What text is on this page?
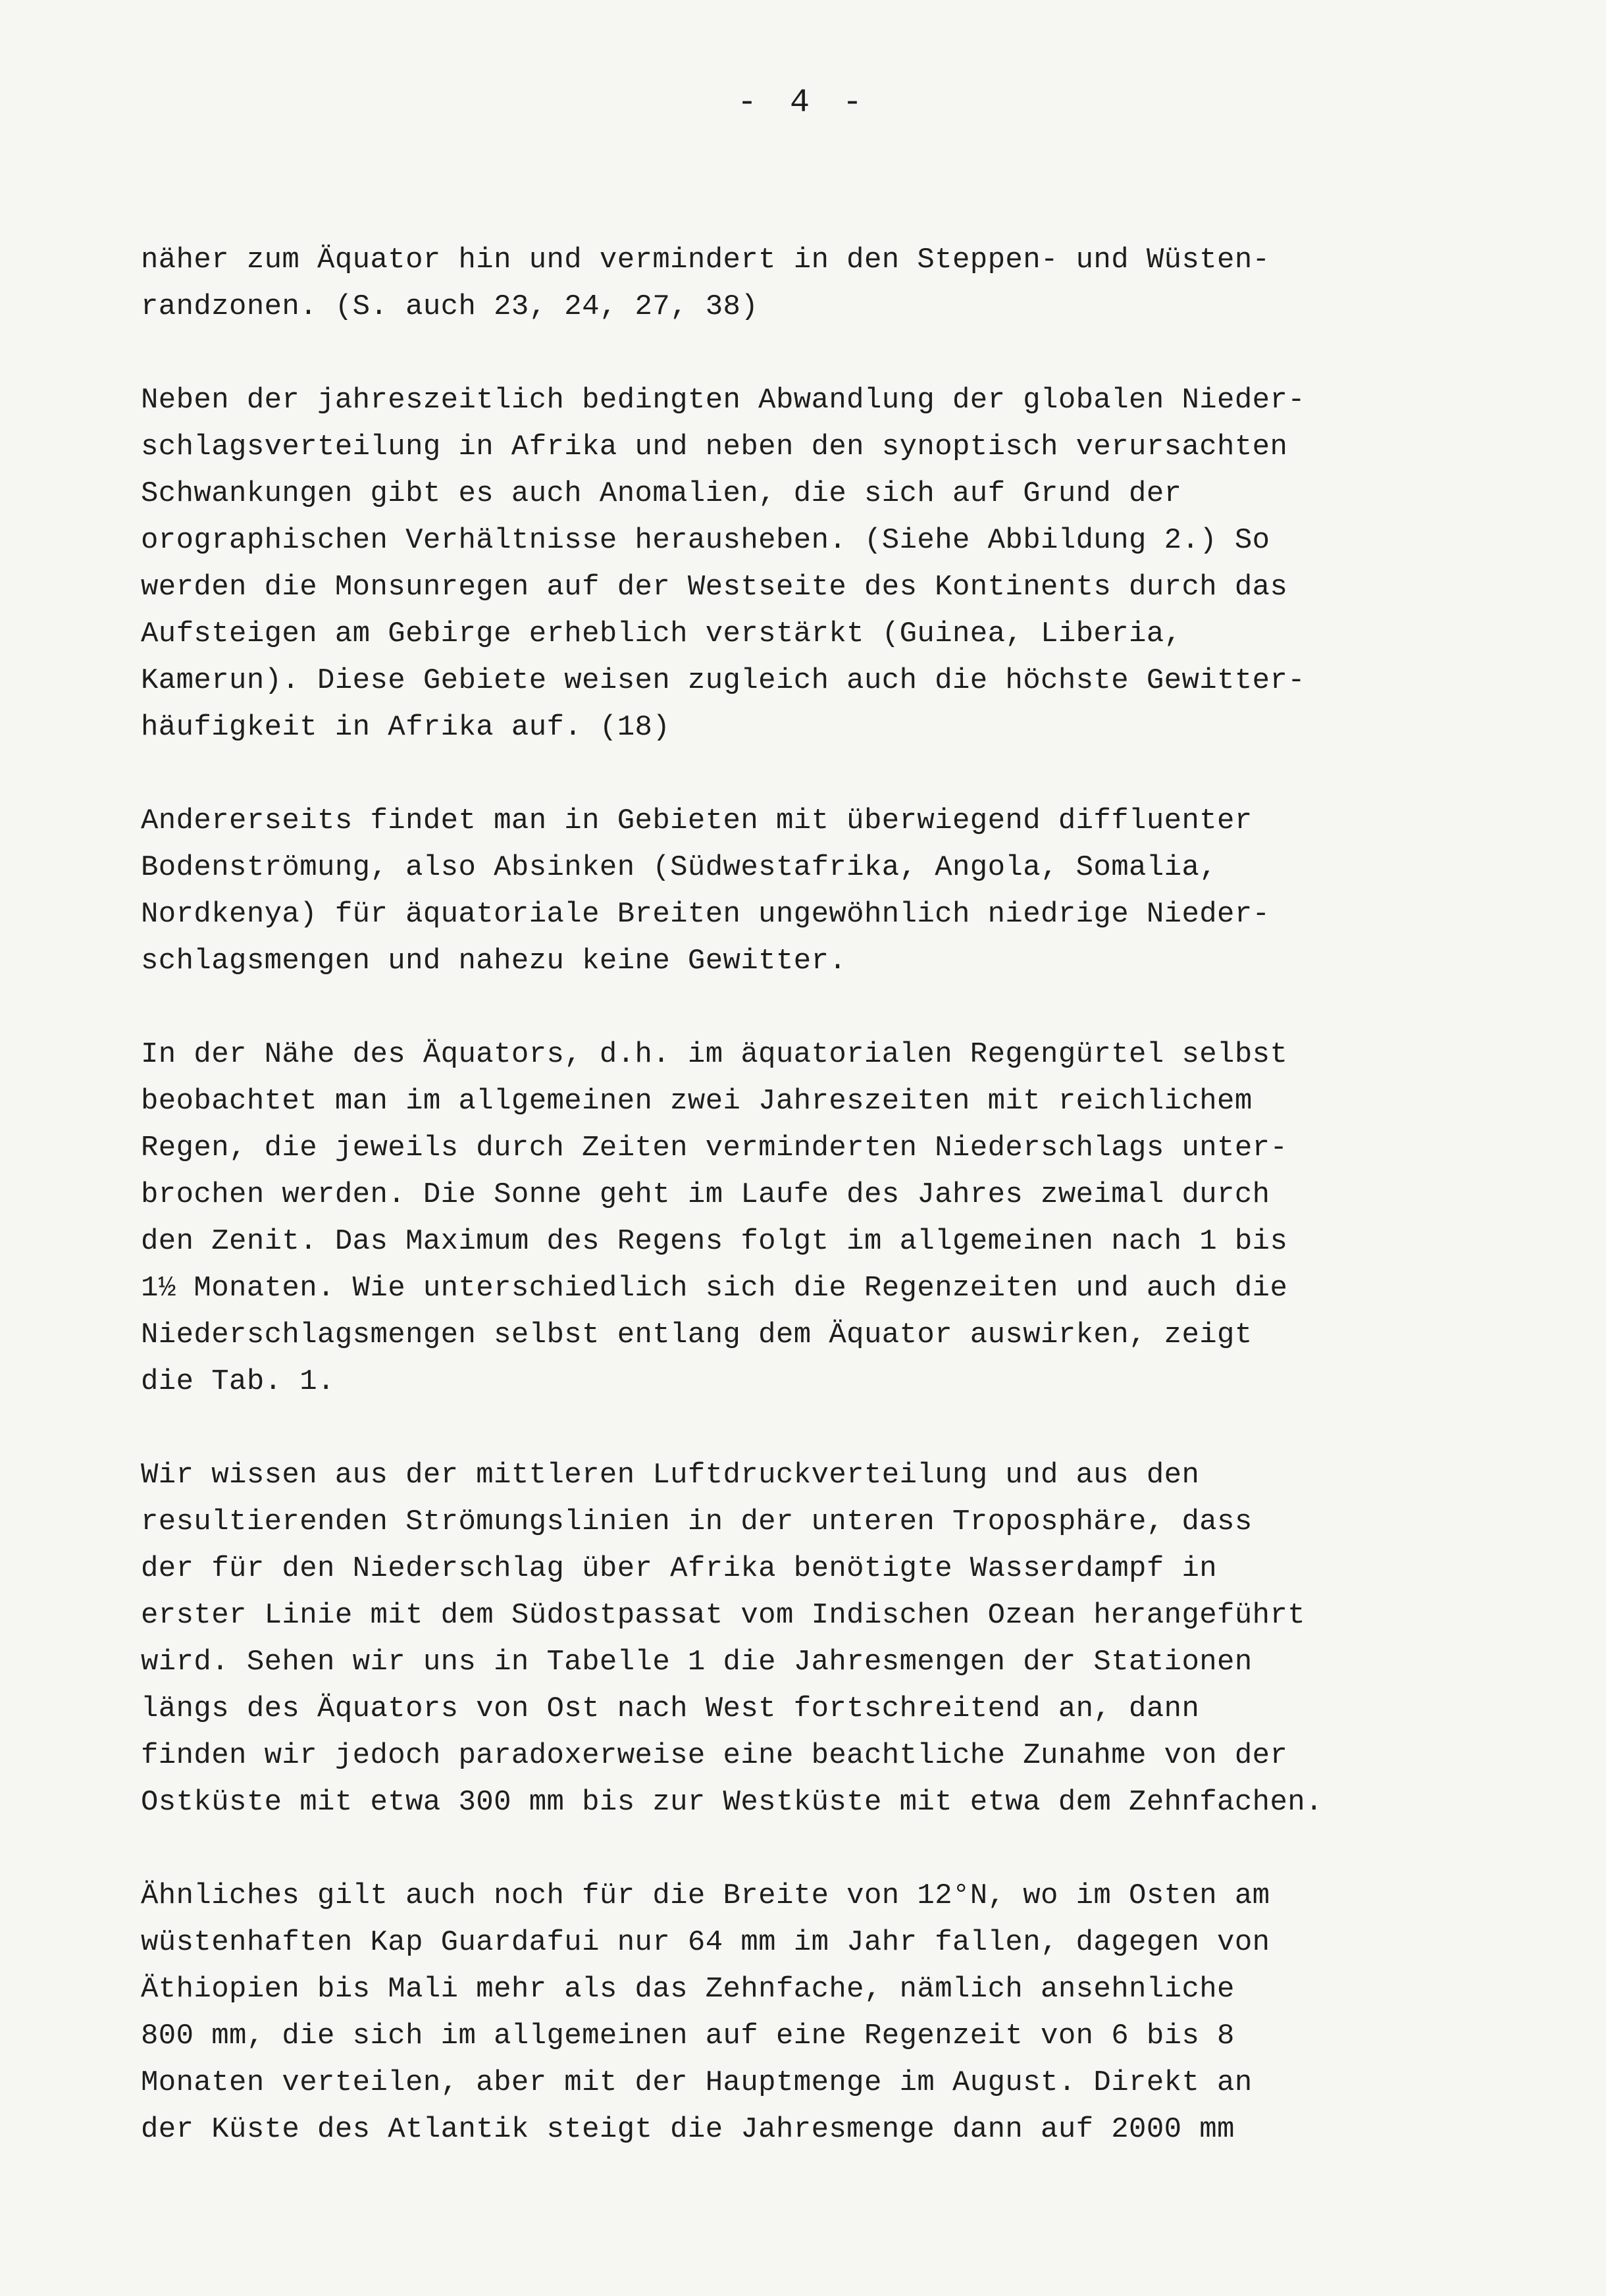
- 4 -
näher zum Äquator hin und vermindert in den Steppen- und Wüsten-
randzonen. (S. auch 23, 24, 27, 38)
Neben der jahreszeitlich bedingten Abwandlung der globalen Nieder-
schlagsverteilung in Afrika und neben den synoptisch verursachten
Schwankungen gibt es auch Anomalien, die sich auf Grund der
orographischen Verhältnisse herausheben. (Siehe Abbildung 2.) So
werden die Monsunregen auf der Westseite des Kontinents durch das
Aufsteigen am Gebirge erheblich verstärkt (Guinea, Liberia,
Kamerun). Diese Gebiete weisen zugleich auch die höchste Gewitter-
häufigkeit in Afrika auf. (18)
Andererseits findet man in Gebieten mit überwiegend diffluenter
Bodenströmung, also Absinken (Südwestafrika, Angola, Somalia,
Nordkenya) für äquatoriale Breiten ungewöhnlich niedrige Nieder-
schlagsmengen und nahezu keine Gewitter.
In der Nähe des Äquators, d.h. im äquatorialen Regengürtel selbst
beobachtet man im allgemeinen zwei Jahreszeiten mit reichlichem
Regen, die jeweils durch Zeiten verminderten Niederschlags unter-
brochen werden. Die Sonne geht im Laufe des Jahres zweimal durch
den Zenit. Das Maximum des Regens folgt im allgemeinen nach 1 bis
1½ Monaten. Wie unterschiedlich sich die Regenzeiten und auch die
Niederschlagsmengen selbst entlang dem Äquator auswirken, zeigt
die Tab. 1.
Wir wissen aus der mittleren Luftdruckverteilung und aus den
resultierenden Strömungslinien in der unteren Troposphäre, dass
der für den Niederschlag über Afrika benötigte Wasserdampf in
erster Linie mit dem Südostpassat vom Indischen Ozean herangeführt
wird. Sehen wir uns in Tabelle 1 die Jahresmengen der Stationen
längs des Äquators von Ost nach West fortschreitend an, dann
finden wir jedoch paradoxerweise eine beachtliche Zunahme von der
Ostküste mit etwa 300 mm bis zur Westküste mit etwa dem Zehnfachen.
Ähnliches gilt auch noch für die Breite von 12°N, wo im Osten am
wüstenhaften Kap Guardafui nur 64 mm im Jahr fallen, dagegen von
Äthiopien bis Mali mehr als das Zehnfache, nämlich ansehnliche
800 mm, die sich im allgemeinen auf eine Regenzeit von 6 bis 8
Monaten verteilen, aber mit der Hauptmenge im August. Direkt an
der Küste des Atlantik steigt die Jahresmenge dann auf 2000 mm
